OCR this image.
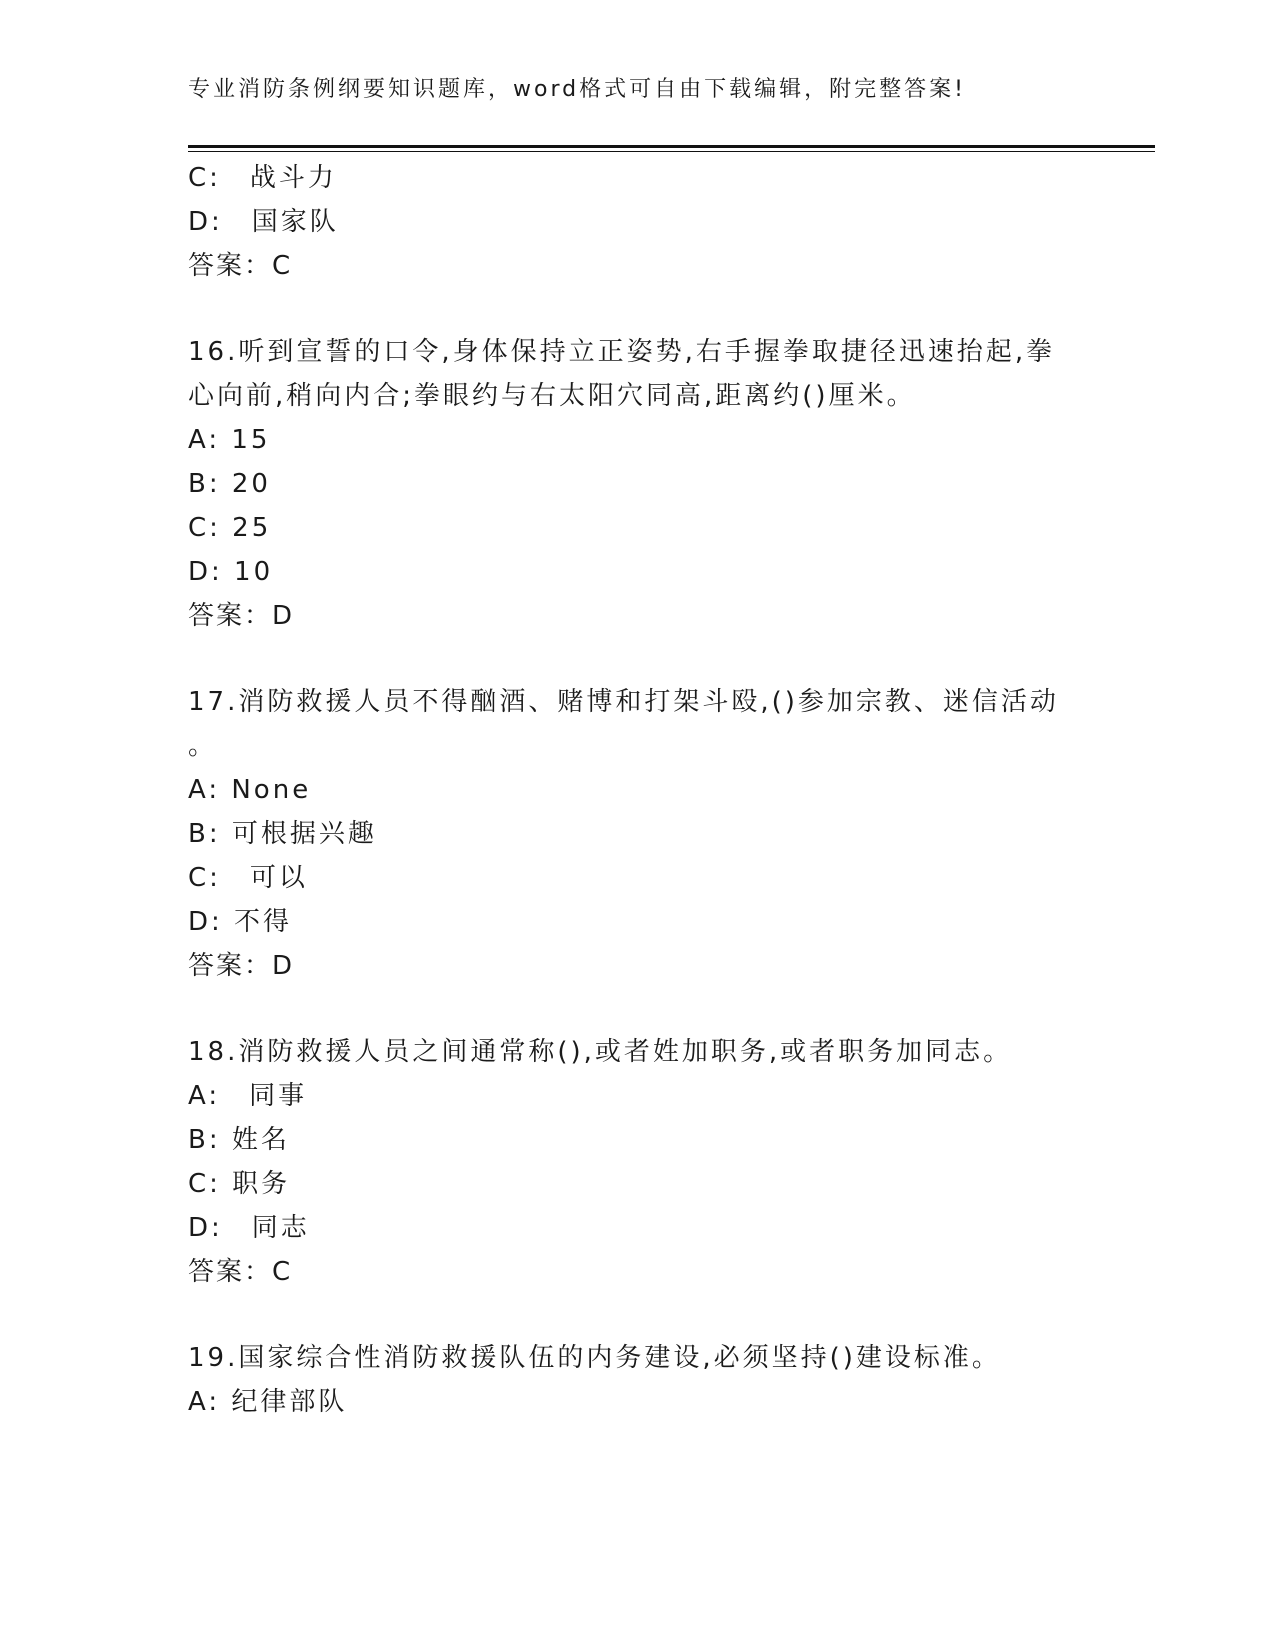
专业消防条例纲要知识题库，word格式可自由下载编辑，附完整答案!
C:　战斗力
D:　国家队
答案：C
16.听到宣誓的口令,身体保持立正姿势,右手握拳取捷径迅速抬起,拳
心向前,稍向内合;拳眼约与右太阳穴同高,距离约()厘米。
A: 15
B: 20
C: 25
D: 10
答案：D
17.消防救援人员不得酗酒、赌博和打架斗殴,()参加宗教、迷信活动
。
A: None
B: 可根据兴趣
C:　可以
D: 不得
答案：D
18.消防救援人员之间通常称(),或者姓加职务,或者职务加同志。
A:　同事
B: 姓名
C: 职务
D:　同志
答案：C
19.国家综合性消防救援队伍的内务建设,必须坚持()建设标准。
A: 纪律部队
